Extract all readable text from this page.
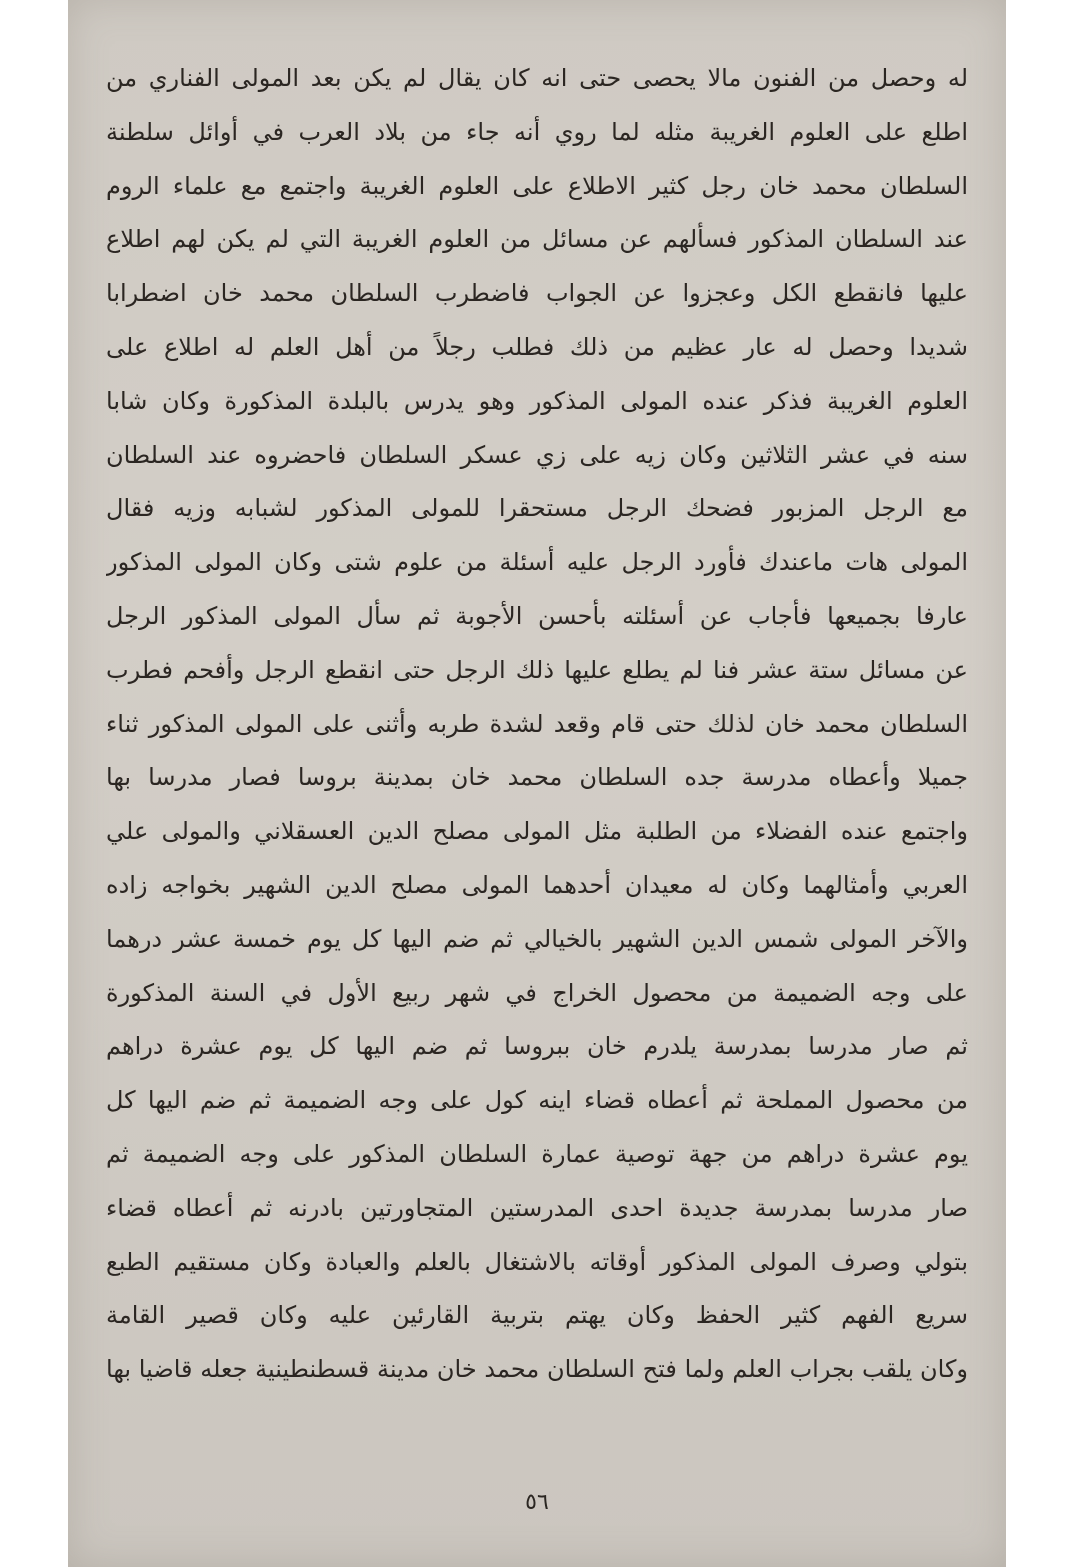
له وحصل من الفنون مالا يحصى حتى انه كان يقال لم يكن بعد المولى الفناري من
اطلع على العلوم الغريبة مثله لما روي أنه جاء من بلاد العرب في أوائل سلطنة
السلطان محمد خان رجل كثير الاطلاع على العلوم الغريبة واجتمع مع علماء الروم
عند السلطان المذكور فسألهم عن مسائل من العلوم الغريبة التي لم يكن لهم اطلاع
عليها فانقطع الكل وعجزوا عن الجواب فاضطرب السلطان محمد خان اضطرابا
شديدا وحصل له عار عظيم من ذلك فطلب رجلاً من أهل العلم له اطلاع على
العلوم الغريبة فذكر عنده المولى المذكور وهو يدرس بالبلدة المذكورة وكان شابا
سنه في عشر الثلاثين وكان زيه على زي عسكر السلطان فاحضروه عند السلطان
مع الرجل المزبور فضحك الرجل مستحقرا للمولى المذكور لشبابه وزيه فقال
المولى هات ماعندك فأورد الرجل عليه أسئلة من علوم شتى وكان المولى المذكور
عارفا بجميعها فأجاب عن أسئلته بأحسن الأجوبة ثم سأل المولى المذكور الرجل
عن مسائل ستة عشر فنا لم يطلع عليها ذلك الرجل حتى انقطع الرجل وأفحم فطرب
السلطان محمد خان لذلك حتى قام وقعد لشدة طربه وأثنى على المولى المذكور ثناء
جميلا وأعطاه مدرسة جده السلطان محمد خان بمدينة بروسا فصار مدرسا بها
واجتمع عنده الفضلاء من الطلبة مثل المولى مصلح الدين العسقلاني والمولى علي
العربي وأمثالهما وكان له معيدان أحدهما المولى مصلح الدين الشهير بخواجه زاده
والآخر المولى شمس الدين الشهير بالخيالي ثم ضم اليها كل يوم خمسة عشر درهما
على وجه الضميمة من محصول الخراج في شهر ربيع الأول في السنة المذكورة
ثم صار مدرسا بمدرسة يلدرم خان ببروسا ثم ضم اليها كل يوم عشرة دراهم
من محصول المملحة ثم أعطاه قضاء اينه كول على وجه الضميمة ثم ضم اليها كل
يوم عشرة دراهم من جهة توصية عمارة السلطان المذكور على وجه الضميمة ثم
صار مدرسا بمدرسة جديدة احدى المدرستين المتجاورتين بادرنه ثم أعطاه قضاء
بتولي وصرف المولى المذكور أوقاته بالاشتغال بالعلم والعبادة وكان مستقيم الطبع
سريع الفهم كثير الحفظ وكان يهتم بتربية القارئين عليه وكان قصير القامة
وكان يلقب بجراب العلم ولما فتح السلطان محمد خان مدينة قسطنطينية جعله قاضيا بها
٥٦
